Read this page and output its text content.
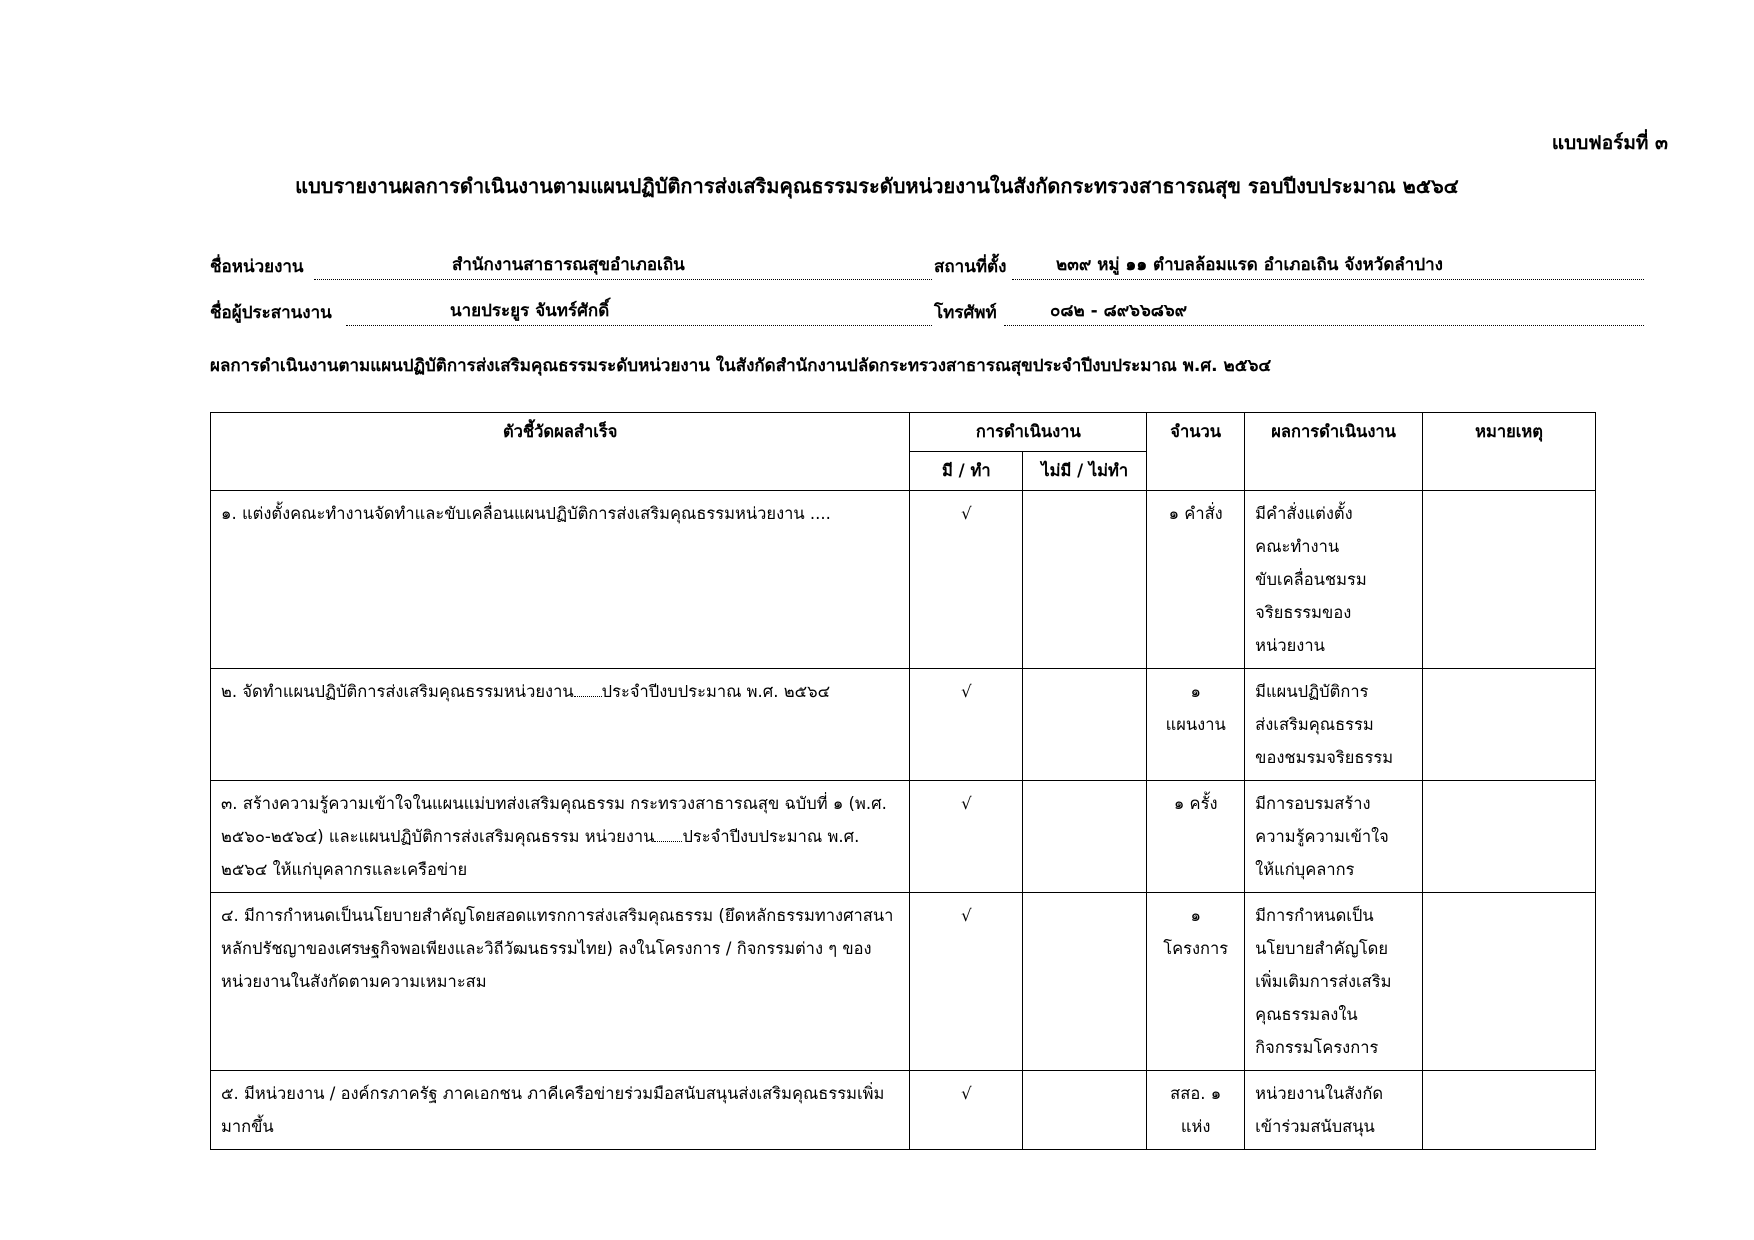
แบบฟอร์มที่ ๓
แบบรายงานผลการดำเนินงานตามแผนปฏิบัติการส่งเสริมคุณธรรมระดับหน่วยงานในสังกัดกระทรวงสาธารณสุข รอบปีงบประมาณ ๒๕๖๔
ชื่อหน่วยงาน	สำนักงานสาธารณสุขอำเภอเถิน	สถานที่ตั้ง	๒๓๙ หมู่ ๑๑ ตำบลล้อมแรด อำเภอเถิน จังหวัดลำปาง
ชื่อผู้ประสานงาน	นายประยูร จันทร์ศักดิ์	โทรศัพท์	๐๘๒ - ๘๙๖๖๘๖๙
ผลการดำเนินงานตามแผนปฏิบัติการส่งเสริมคุณธรรมระดับหน่วยงาน ในสังกัดสำนักงานปลัดกระทรวงสาธารณสุขประจำปีงบประมาณ พ.ศ. ๒๕๖๔
ตัวชี้วัดผลสำเร็จ	การดำเนินงาน		จำนวน	ผลการดำเนินงาน	หมายเหตุ
	มี / ทำ	ไม่มี / ไม่ทำ			
๑. แต่งตั้งคณะทำงานจัดทำและขับเคลื่อนแผนปฏิบัติการส่งเสริมคุณธรรมหน่วยงาน ....	√		๑ คำสั่ง	มีคำสั่งแต่งตั้ง
คณะทำงาน
ขับเคลื่อนชมรม
จริยธรรมของ
หน่วยงาน	
๒. จัดทำแผนปฏิบัติการส่งเสริมคุณธรรมหน่วยงาน ประจำปีงบประมาณ พ.ศ. ๒๕๖๔	√		๑
แผนงาน	มีแผนปฏิบัติการ
ส่งเสริมคุณธรรม
ของชมรมจริยธรรม	
๓. สร้างความรู้ความเข้าใจในแผนแม่บทส่งเสริมคุณธรรม กระทรวงสาธารณสุข ฉบับที่ ๑ (พ.ศ. ๒๕๖๐-๒๕๖๔) และแผนปฏิบัติการส่งเสริมคุณธรรม หน่วยงาน ประจำปีงบประมาณ พ.ศ. ๒๕๖๔ ให้แก่บุคลากรและเครือข่าย	√		๑ ครั้ง	มีการอบรมสร้าง
ความรู้ความเข้าใจ
ให้แก่บุคลากร	
๔. มีการกำหนดเป็นนโยบายสำคัญโดยสอดแทรกการส่งเสริมคุณธรรม (ยึดหลักธรรมทางศาสนาหลักปรัชญาของเศรษฐกิจพอเพียงและวิถีวัฒนธรรมไทย) ลงในโครงการ / กิจกรรมต่าง ๆ ของหน่วยงานในสังกัดตามความเหมาะสม	√		๑
โครงการ	มีการกำหนดเป็น
นโยบายสำคัญโดย
เพิ่มเติมการส่งเสริม
คุณธรรมลงใน
กิจกรรมโครงการ	
๕. มีหน่วยงาน / องค์กรภาครัฐ ภาคเอกชน ภาคีเครือข่ายร่วมมือสนับสนุนส่งเสริมคุณธรรมเพิ่มมากขึ้น	√		สสอ. ๑
แห่ง	หน่วยงานในสังกัด
เข้าร่วมสนับสนุน	
